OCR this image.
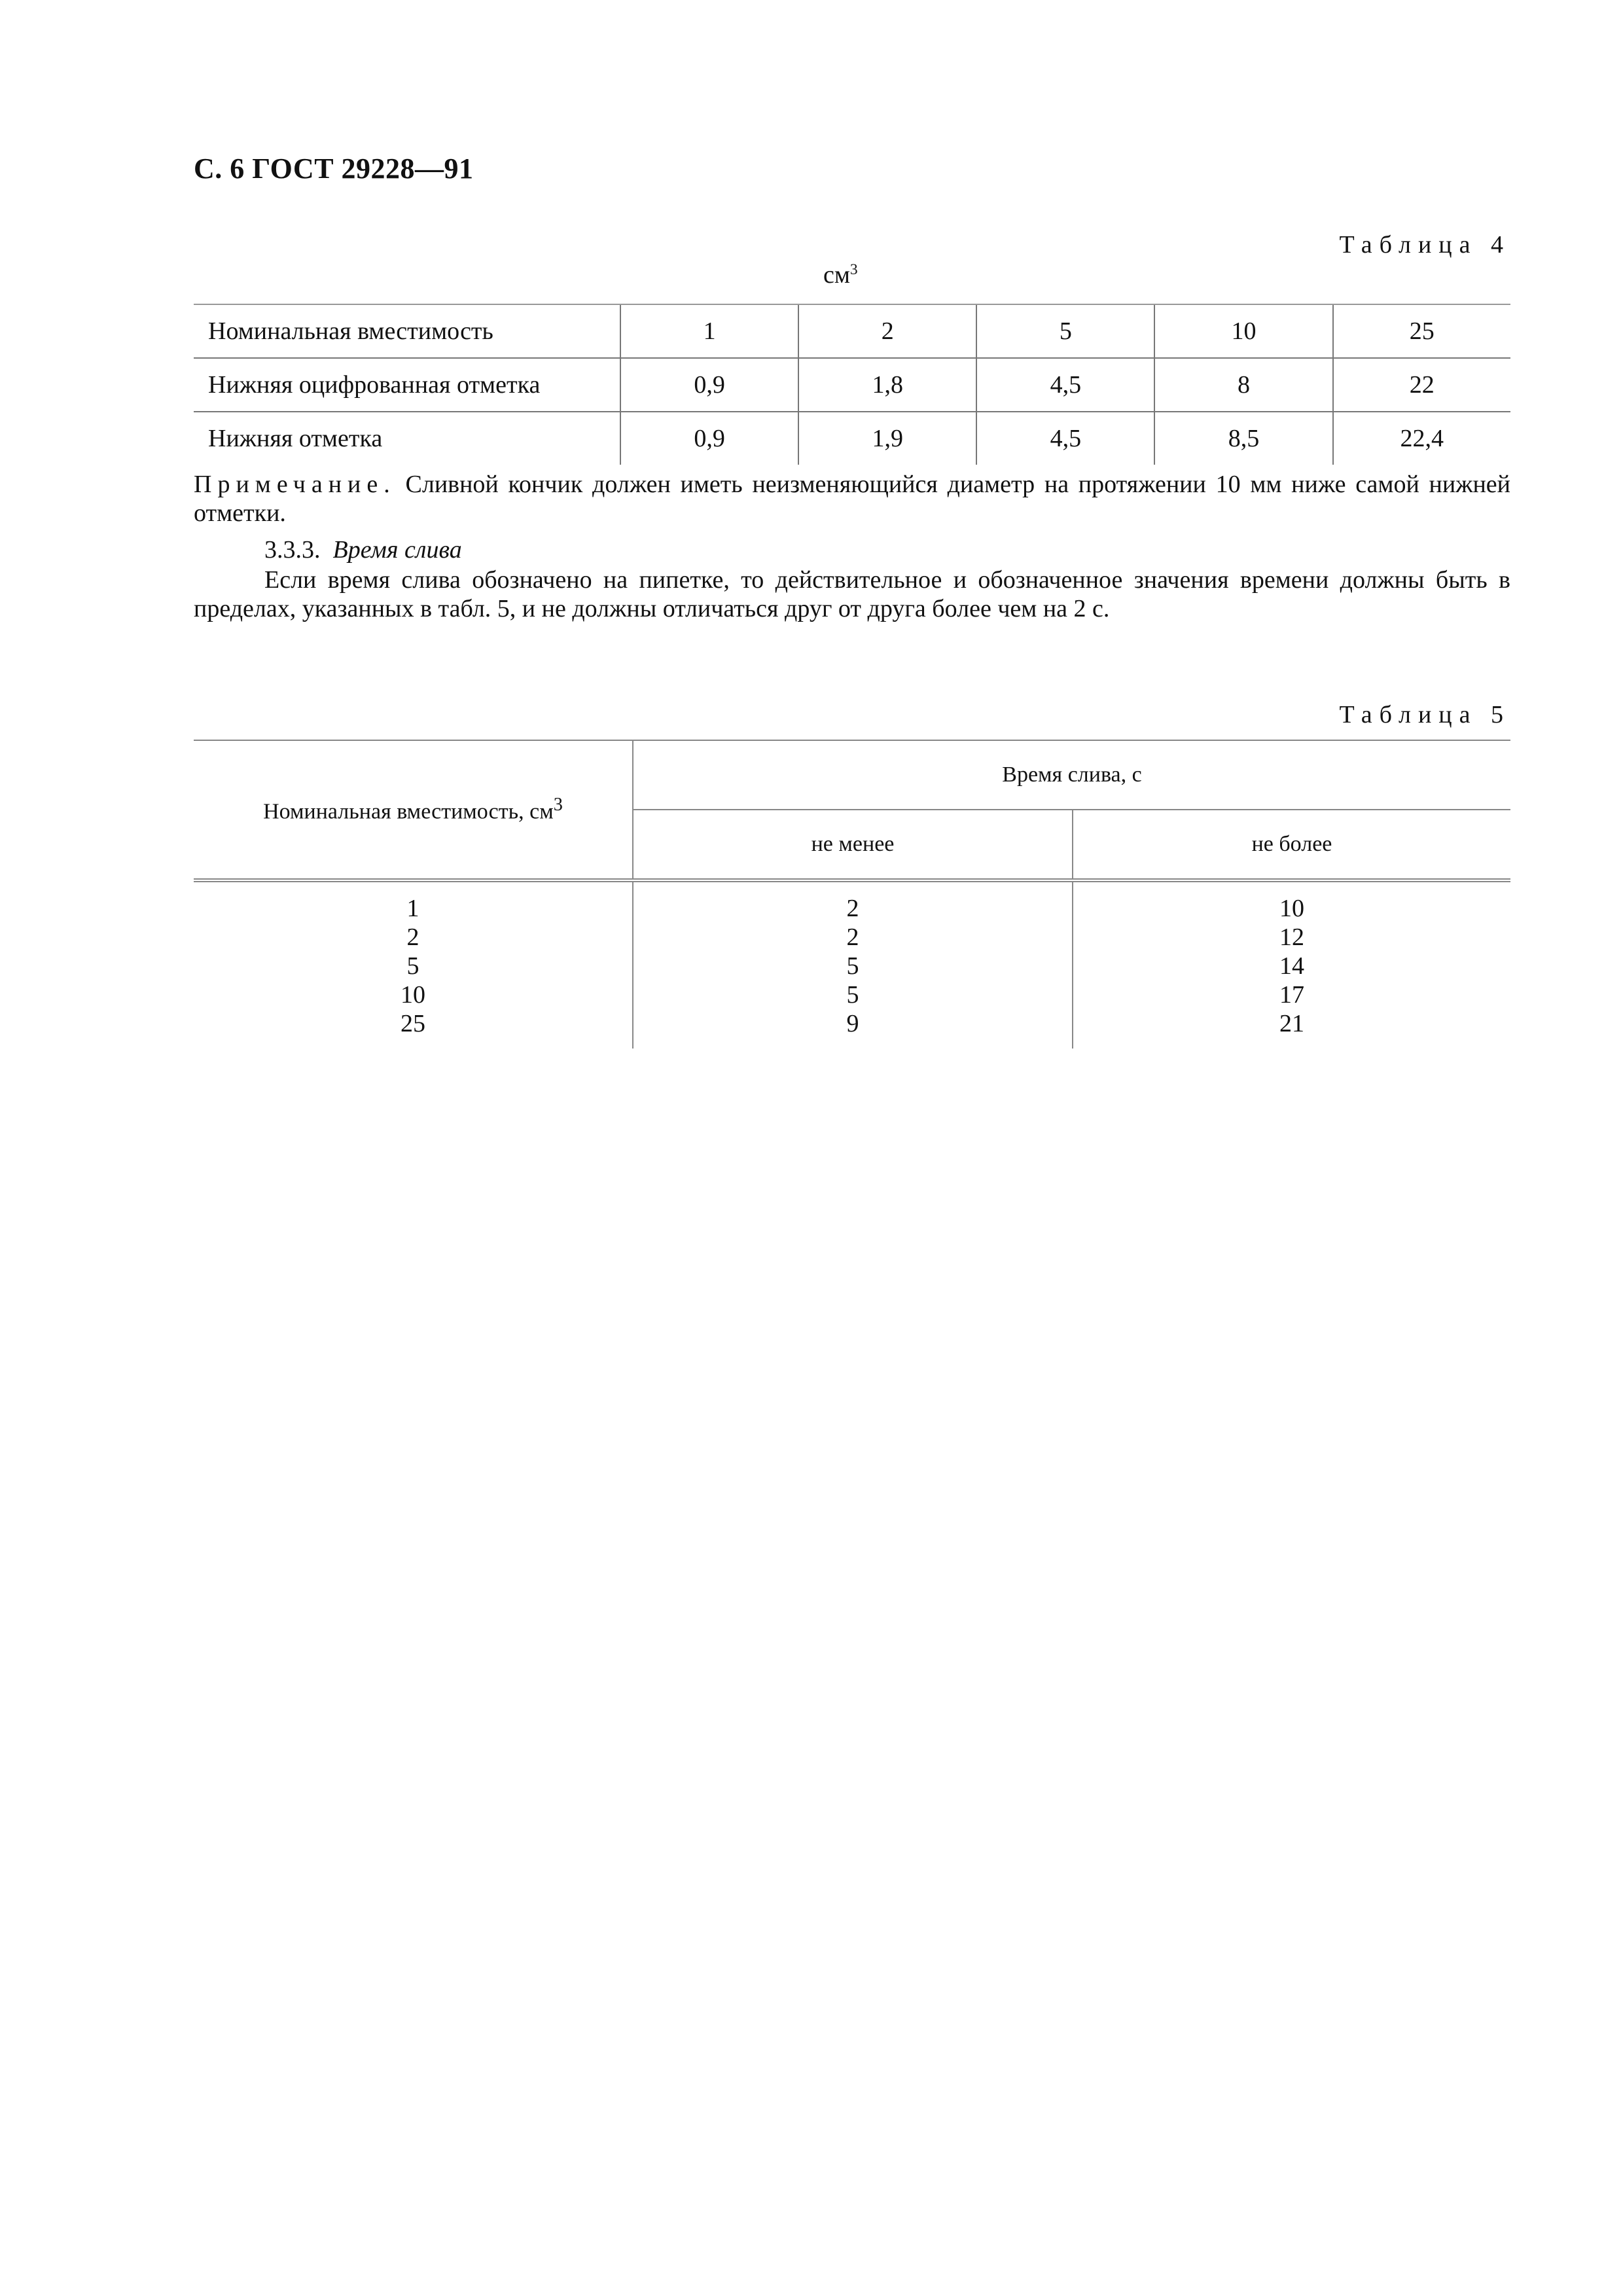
С. 6 ГОСТ 29228—91
Таблица 4
$см^3$
Номинальная вместимость	1	2	5	10	25
Нижняя оцифрованная отметка	0,9	1,8	4,5	8	22
Нижняя отметка	0,9	1,9	4,5	8,5	22,4
Примечание. Сливной кончик должен иметь неизменяющийся диаметр на протяжении 10 мм ниже самой нижней отметки.
3.3.3. Время слива
Если время слива обозначено на пипетке, то действительное и обозначенное значения времени должны быть в пределах, указанных в табл. 5, и не должны отличаться друг от друга более чем на 2 с.
Таблица 5
Номинальная вместимость, $см^3$	Время слива, с	
	не менее	не более
1	2	10
2	2	12
5	5	14
10	5	17
25	9	21
